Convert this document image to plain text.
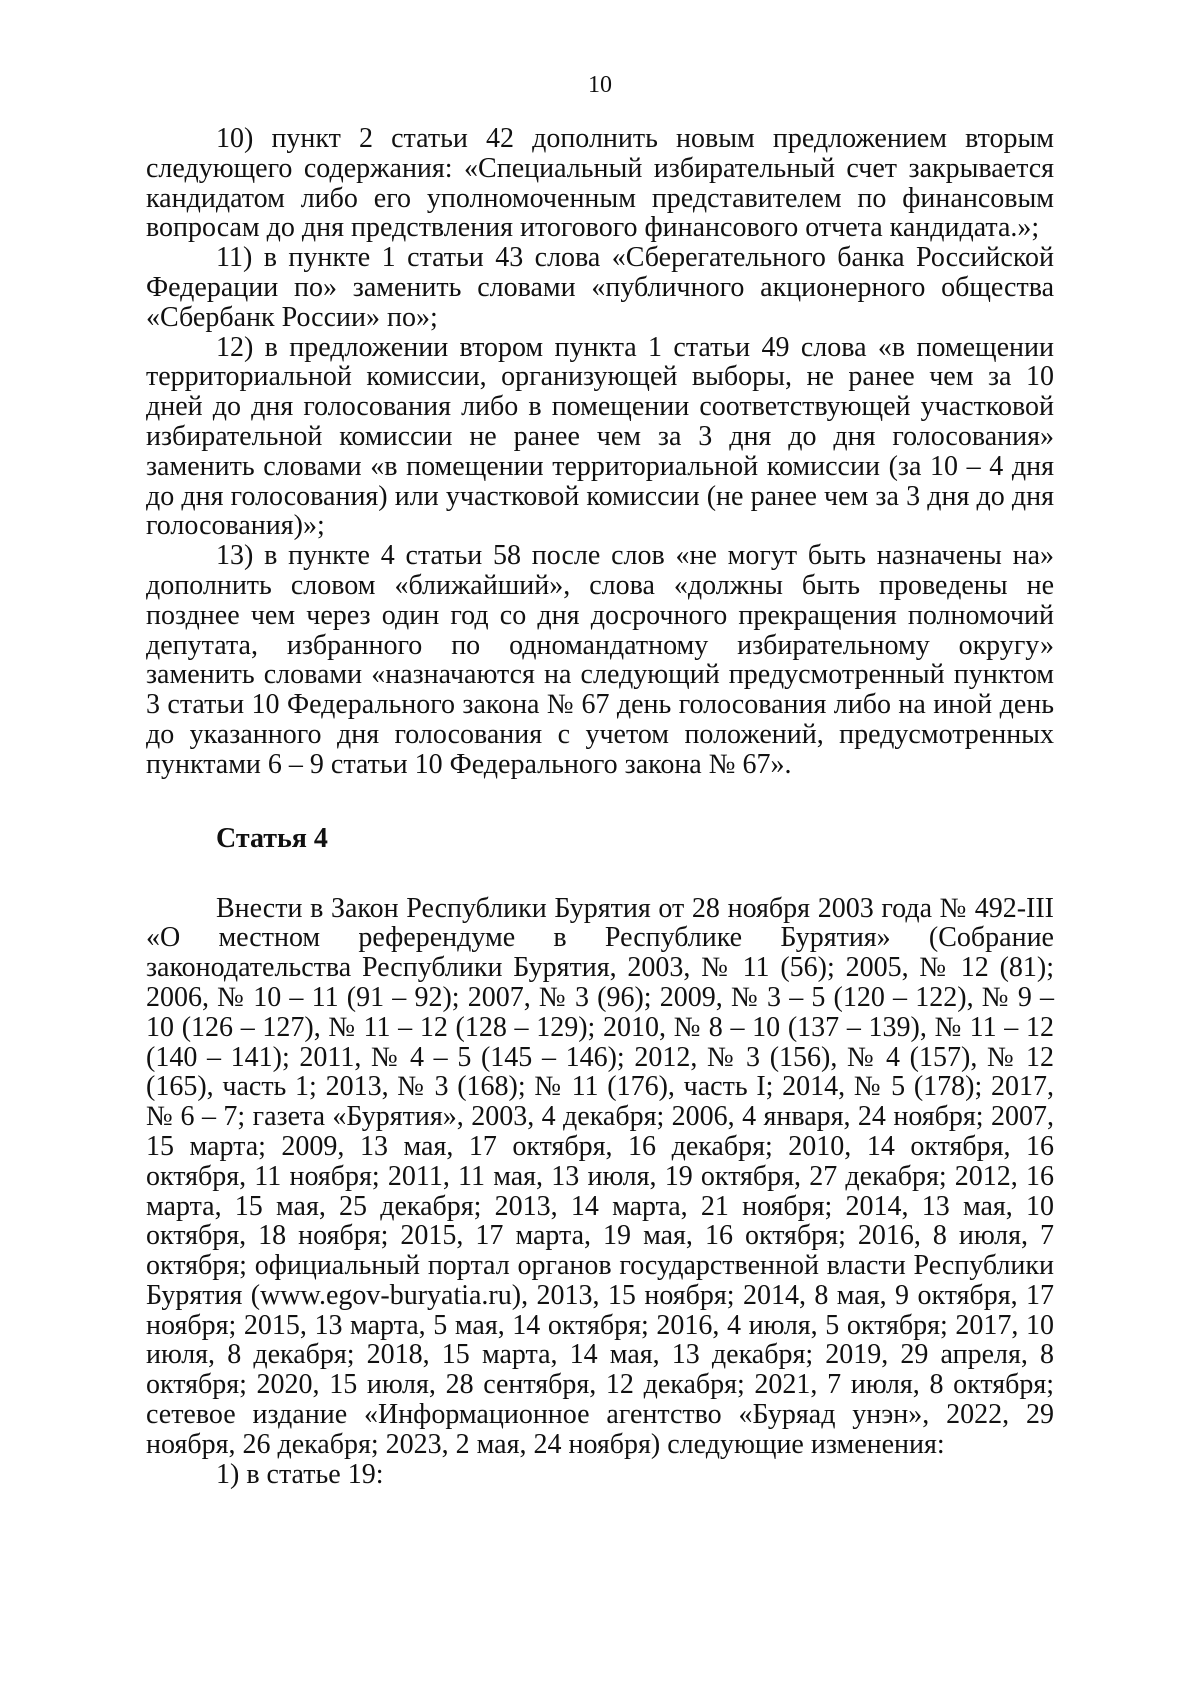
10

10) пункт 2 статьи 42 дополнить новым предложением вторым следующего содержания: «Специальный избирательный счет закрывается кандидатом либо его уполномоченным представителем по финансовым вопросам до дня предствления итогового финансового отчета кандидата.»;

11) в пункте 1 статьи 43 слова «Сберегательного банка Российской Федерации по» заменить словами «публичного акционерного общества «Сбербанк России» по»;

12) в предложении втором пункта 1 статьи 49 слова «в помещении территориальной комиссии, организующей выборы, не ранее чем за 10 дней до дня голосования либо в помещении соответствующей участковой избирательной комиссии не ранее чем за 3 дня до дня голосования» заменить словами «в помещении территориальной комиссии (за 10 – 4 дня до дня голосования) или участковой комиссии (не ранее чем за 3 дня до дня голосования)»;

13) в пункте 4 статьи 58 после слов «не могут быть назначены на» дополнить словом «ближайший», слова «должны быть проведены не позднее чем через один год со дня досрочного прекращения полномочий депутата, избранного по одномандатному избирательному округу» заменить словами «назначаются на следующий предусмотренный пунктом 3 статьи 10 Федерального закона № 67 день голосования либо на иной день до указанного дня голосования с учетом положений, предусмотренных пунктами 6 – 9 статьи 10 Федерального закона № 67».

Статья 4

Внести в Закон Республики Бурятия от 28 ноября 2003 года № 492-III «О местном референдуме в Республике Бурятия» (Собрание законодательства Республики Бурятия, 2003, № 11 (56); 2005, № 12 (81); 2006, № 10 – 11 (91 – 92); 2007, № 3 (96); 2009, № 3 – 5 (120 – 122), № 9 – 10 (126 – 127), № 11 – 12 (128 – 129); 2010, № 8 – 10 (137 – 139), № 11 – 12 (140 – 141); 2011, № 4 – 5 (145 – 146); 2012, № 3 (156), № 4 (157), № 12 (165), часть 1; 2013, № 3 (168); № 11 (176), часть I; 2014, № 5 (178); 2017, № 6 – 7; газета «Бурятия», 2003, 4 декабря; 2006, 4 января, 24 ноября; 2007, 15 марта; 2009, 13 мая, 17 октября, 16 декабря; 2010, 14 октября, 16 октября, 11 ноября; 2011, 11 мая, 13 июля, 19 октября, 27 декабря; 2012, 16 марта, 15 мая, 25 декабря; 2013, 14 марта, 21 ноября; 2014, 13 мая, 10 октября, 18 ноября; 2015, 17 марта, 19 мая, 16 октября; 2016, 8 июля, 7 октября; официальный портал органов государственной власти Республики Бурятия (www.egov-buryatia.ru), 2013, 15 ноября; 2014, 8 мая, 9 октября, 17 ноября; 2015, 13 марта, 5 мая, 14 октября; 2016, 4 июля, 5 октября; 2017, 10 июля, 8 декабря; 2018, 15 марта, 14 мая, 13 декабря; 2019, 29 апреля, 8 октября; 2020, 15 июля, 28 сентября, 12 декабря; 2021, 7 июля, 8 октября; сетевое издание «Информационное агентство «Буряад унэн», 2022, 29 ноября, 26 декабря; 2023, 2 мая, 24 ноября) следующие изменения:

1) в статье 19:
